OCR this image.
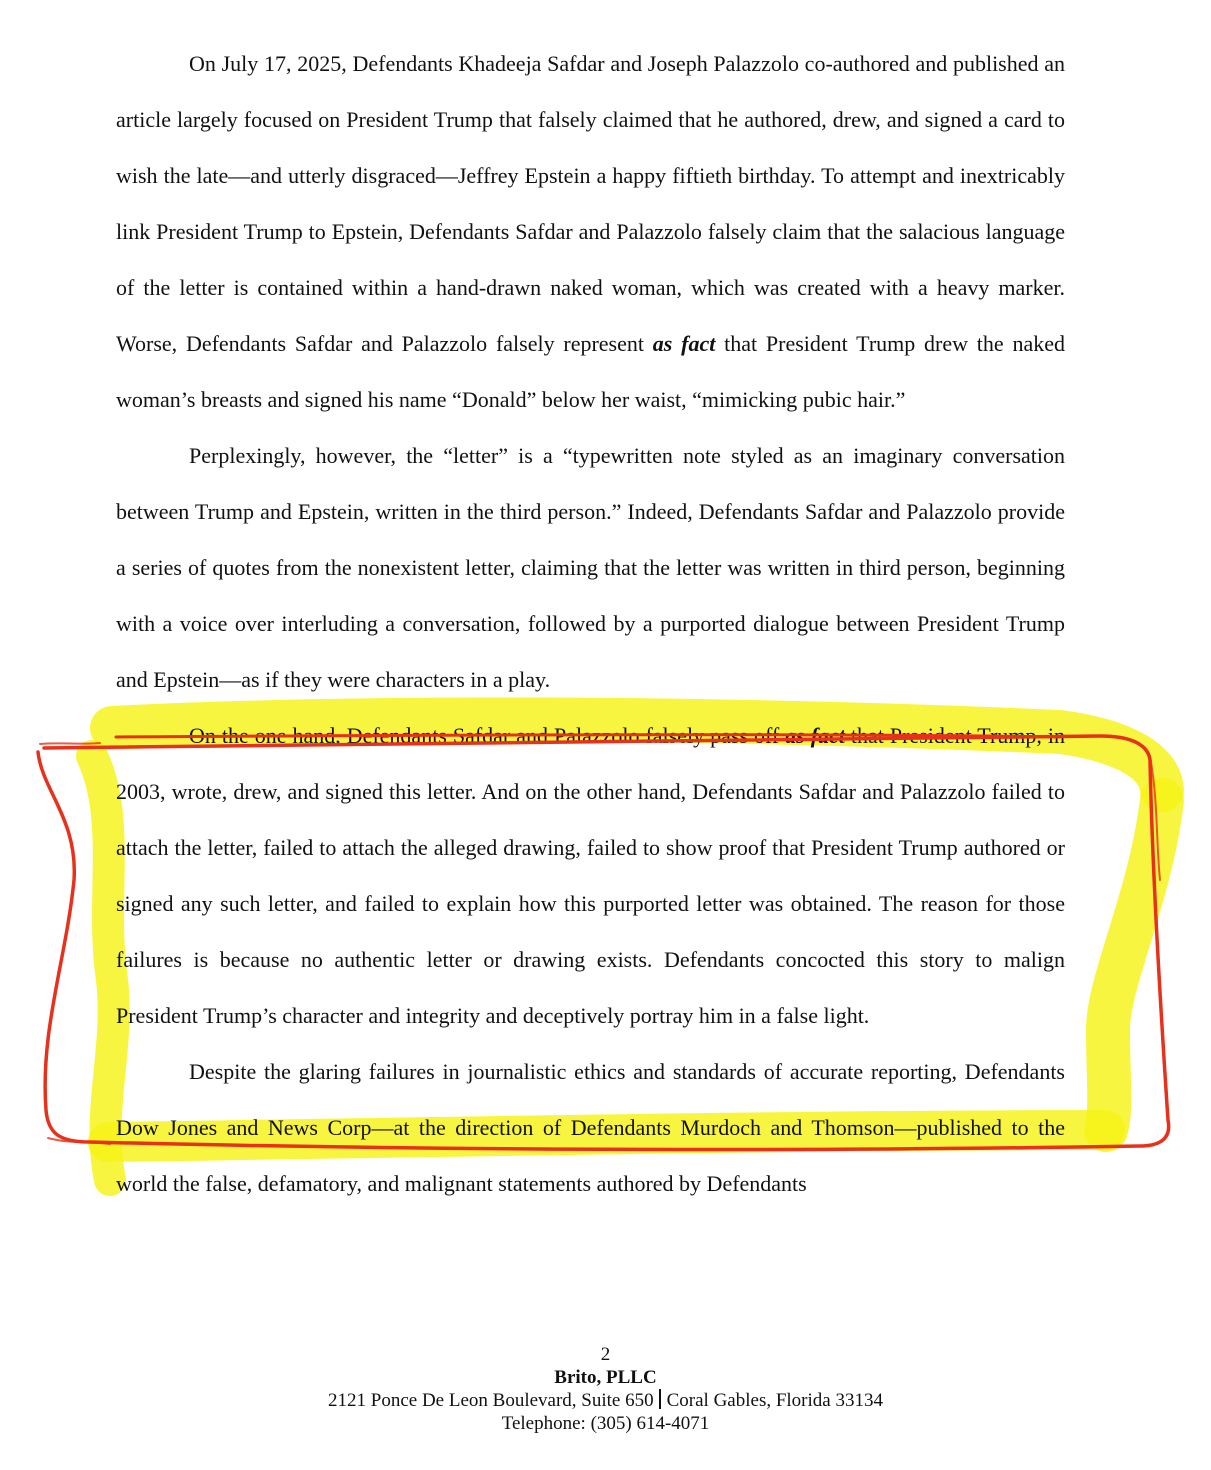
On July 17, 2025, Defendants Khadeeja Safdar and Joseph Palazzolo co-authored and published an article largely focused on President Trump that falsely claimed that he authored, drew, and signed a card to wish the late—and utterly disgraced—Jeffrey Epstein a happy fiftieth birthday. To attempt and inextricably link President Trump to Epstein, Defendants Safdar and Palazzolo falsely claim that the salacious language of the letter is contained within a hand-drawn naked woman, which was created with a heavy marker. Worse, Defendants Safdar and Palazzolo falsely represent as fact that President Trump drew the naked woman’s breasts and signed his name “Donald” below her waist, “mimicking pubic hair.”

Perplexingly, however, the “letter” is a “typewritten note styled as an imaginary conversation between Trump and Epstein, written in the third person.” Indeed, Defendants Safdar and Palazzolo provide a series of quotes from the nonexistent letter, claiming that the letter was written in third person, beginning with a voice over interluding a conversation, followed by a purported dialogue between President Trump and Epstein—as if they were characters in a play.

On the one hand, Defendants Safdar and Palazzolo falsely pass off as fact that President Trump, in 2003, wrote, drew, and signed this letter. And on the other hand, Defendants Safdar and Palazzolo failed to attach the letter, failed to attach the alleged drawing, failed to show proof that President Trump authored or signed any such letter, and failed to explain how this purported letter was obtained. The reason for those failures is because no authentic letter or drawing exists. Defendants concocted this story to malign President Trump’s character and integrity and deceptively portray him in a false light.

Despite the glaring failures in journalistic ethics and standards of accurate reporting, Defendants Dow Jones and News Corp—at the direction of Defendants Murdoch and Thomson—published to the world the false, defamatory, and malignant statements authored by Defendants

2
Brito, PLLC
2121 Ponce De Leon Boulevard, Suite 650 Coral Gables, Florida 33134
Telephone: (305) 614-4071
